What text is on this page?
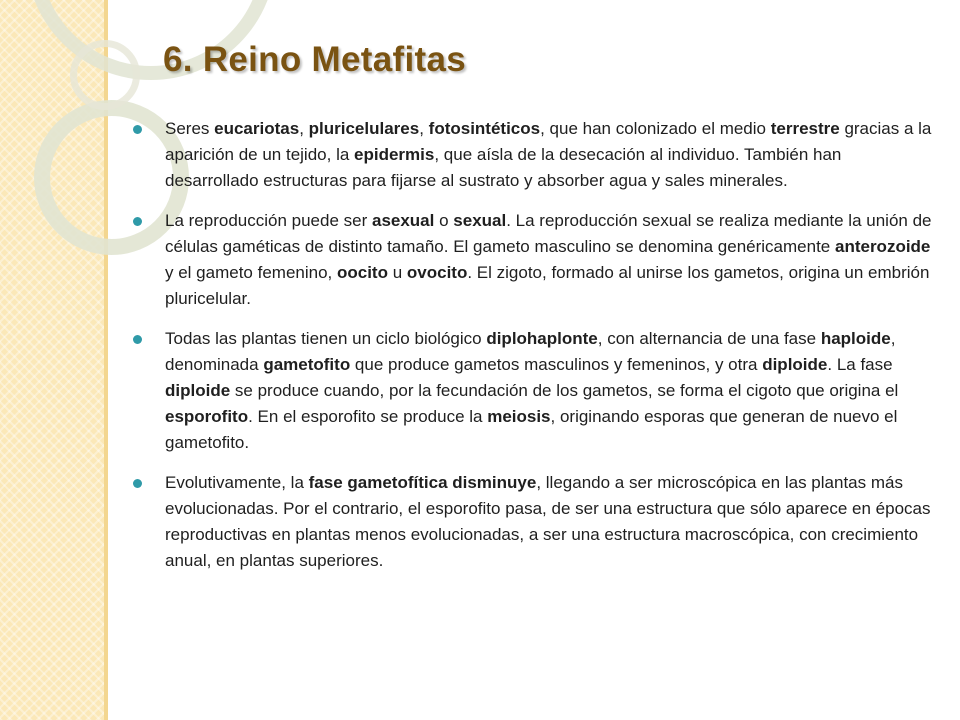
6. Reino Metafitas
Seres eucariotas, pluricelulares, fotosintéticos, que han colonizado el medio terrestre gracias a la aparición de un tejido, la epidermis, que aísla de la desecación al individuo. También han desarrollado estructuras para fijarse al sustrato y absorber agua y sales minerales.
La reproducción puede ser asexual o sexual. La reproducción sexual se realiza mediante la unión de células gaméticas de distinto tamaño. El gameto masculino se denomina genéricamente anterozoide y el gameto femenino, oocito u ovocito. El zigoto, formado al unirse los gametos, origina un embrión pluricelular.
Todas las plantas tienen un ciclo biológico diplohaplonte, con alternancia de una fase haploide, denominada gametofito que produce gametos masculinos y femeninos, y otra diploide. La fase diploide se produce cuando, por la fecundación de los gametos, se forma el cigoto que origina el esporofito. En el esporofito se produce la meiosis, originando esporas que generan de nuevo el gametofito.
Evolutivamente, la fase gametofítica disminuye, llegando a ser microscópica en las plantas más evolucionadas. Por el contrario, el esporofito pasa, de ser una estructura que sólo aparece en épocas reproductivas en plantas menos evolucionadas, a ser una estructura macroscópica, con crecimiento anual, en plantas superiores.
